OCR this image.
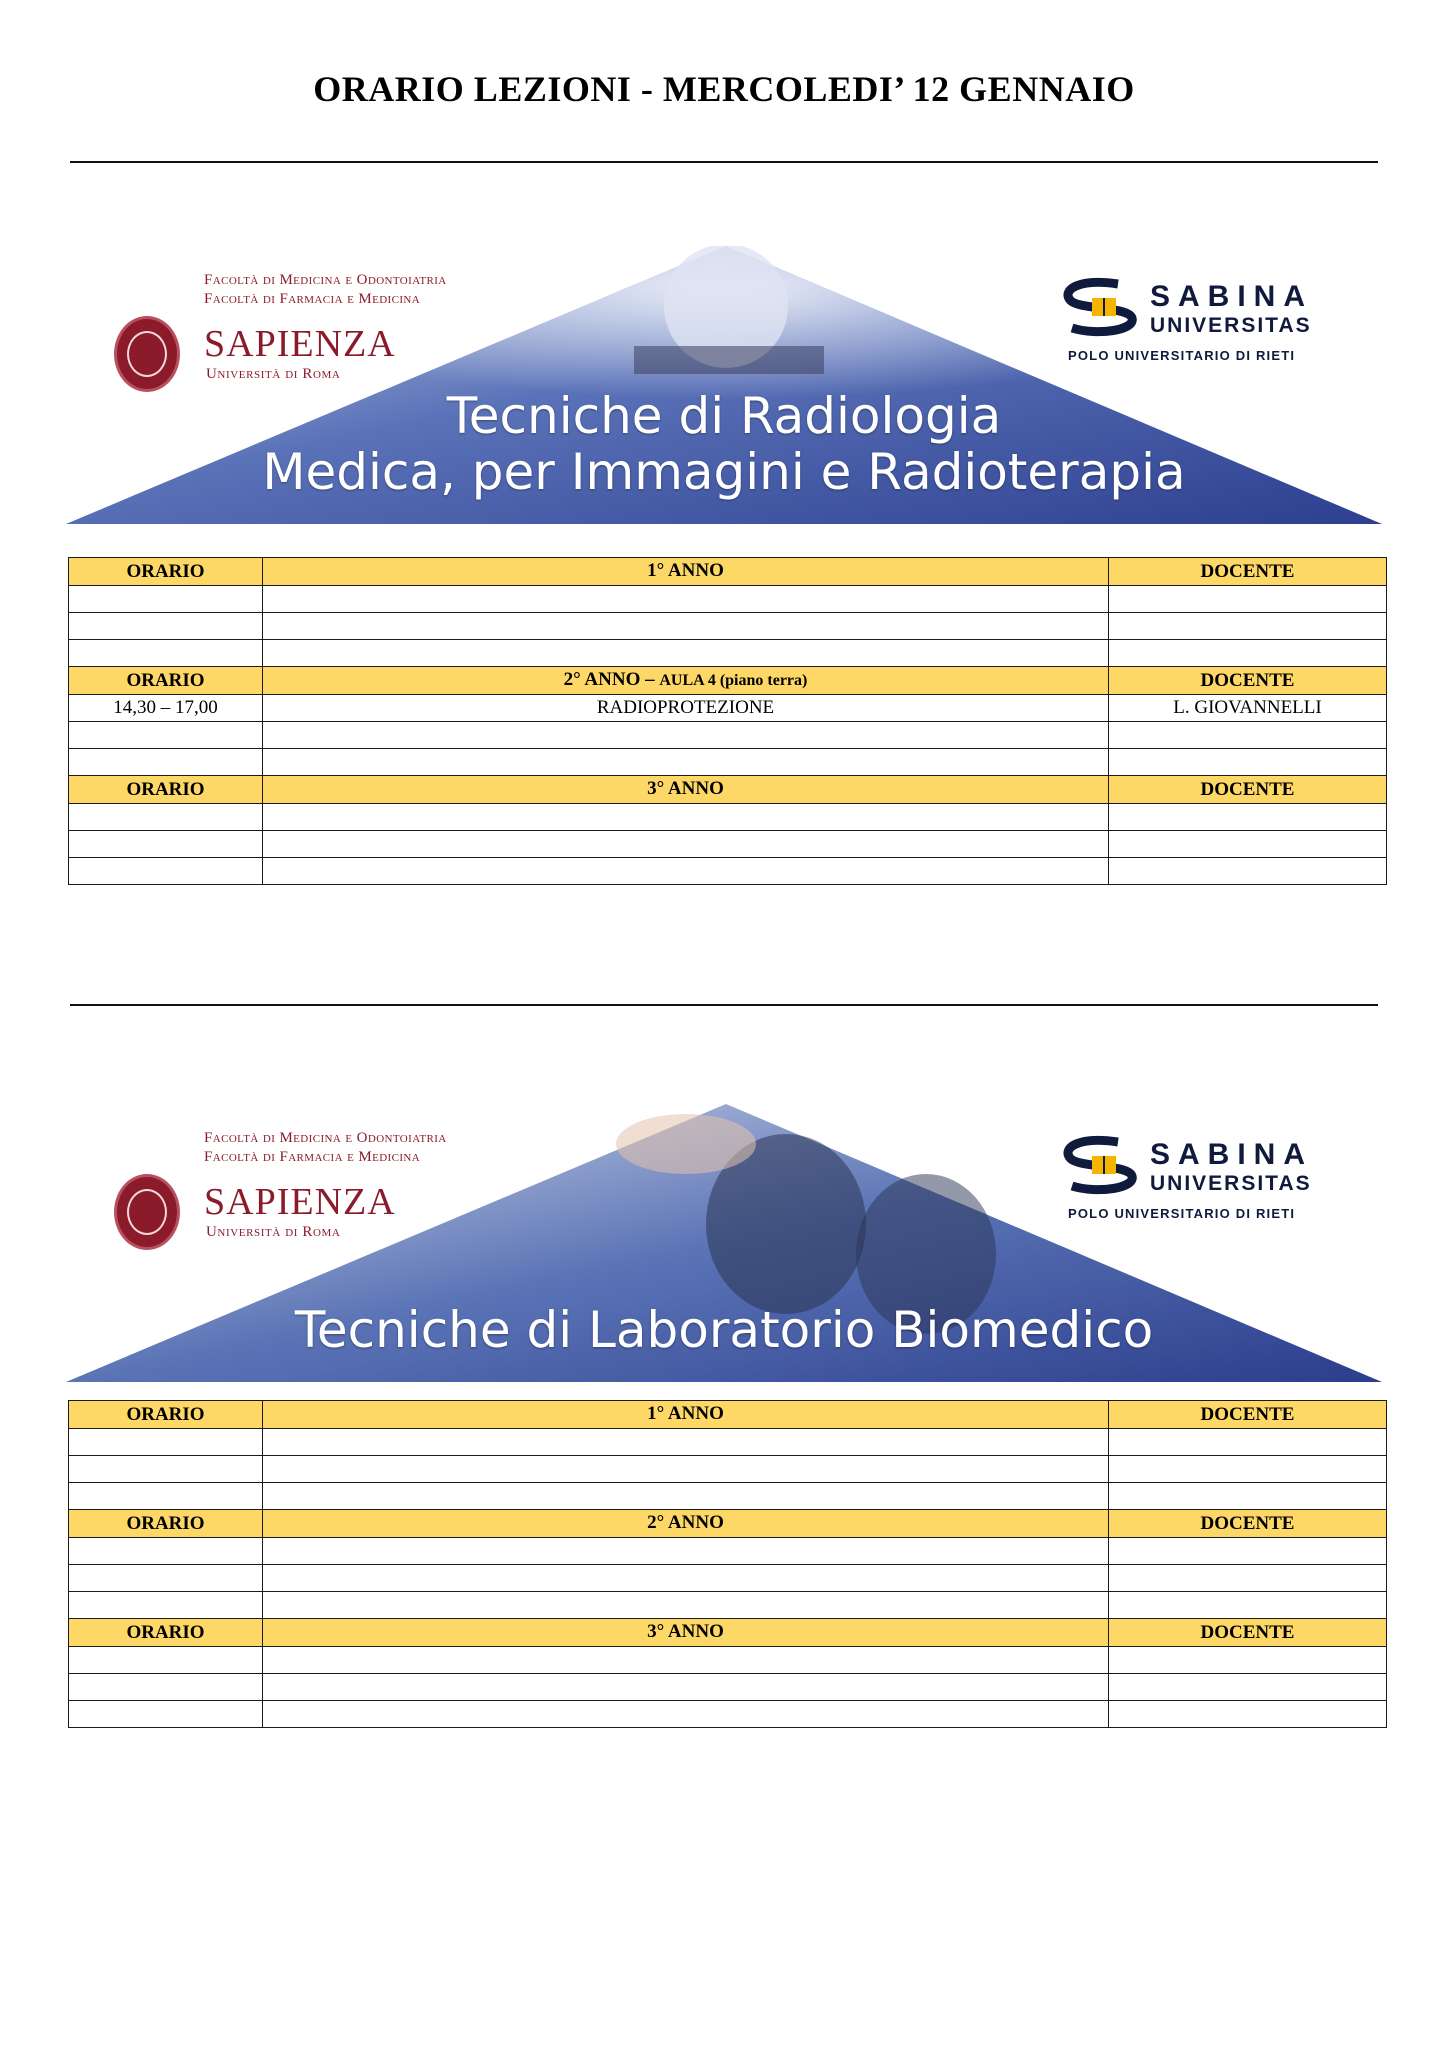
ORARIO LEZIONI - MERCOLEDI’ 12 GENNAIO
Facoltà di Medicina e Odontoiatria
Facoltà di Farmacia e Medicina
SAPIENZA
Università di Roma
SABINA
UNIVERSITAS
POLO UNIVERSITARIO DI RIETI
Tecniche di Radiologia
Medica, per Immagini e Radioterapia
ORARIO	1° ANNO	DOCENTE

ORARIO	2° ANNO – AULA 4 (piano terra)	DOCENTE
14,30 – 17,00	RADIOPROTEZIONE	L. GIOVANNELLI

ORARIO	3° ANNO	DOCENTE

Facoltà di Medicina e Odontoiatria
Facoltà di Farmacia e Medicina
SAPIENZA
Università di Roma
SABINA
UNIVERSITAS
POLO UNIVERSITARIO DI RIETI
Tecniche di Laboratorio Biomedico
ORARIO	1° ANNO	DOCENTE

ORARIO	2° ANNO	DOCENTE

ORARIO	3° ANNO	DOCENTE
